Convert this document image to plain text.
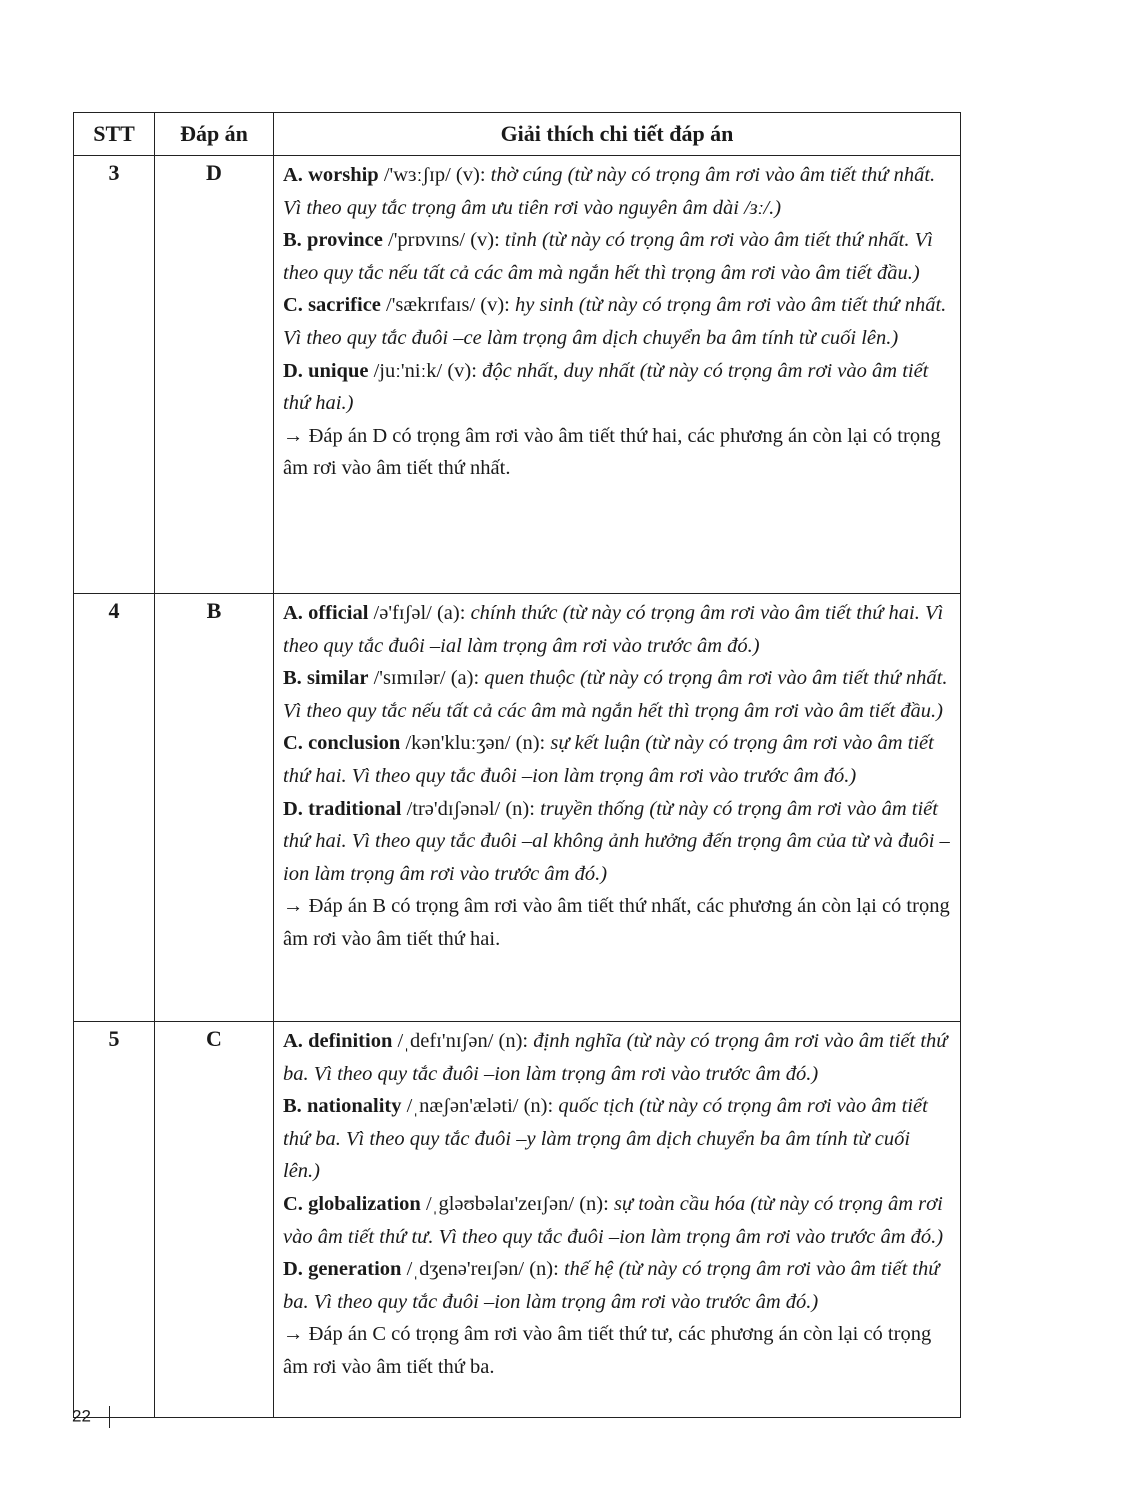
STT	Đáp án	Giải thích chi tiết đáp án
3	D	A. worship /'wɜːʃɪp/ (v): thờ cúng (từ này có trọng âm rơi vào âm tiết thứ nhất. Vì theo quy tắc trọng âm ưu tiên rơi vào nguyên âm dài /ɜː/.)
B. province /'prɒvɪns/ (v): tỉnh (từ này có trọng âm rơi vào âm tiết thứ nhất. Vì theo quy tắc nếu tất cả các âm mà ngắn hết thì trọng âm rơi vào âm tiết đầu.)
C. sacrifice /'sækrɪfaɪs/ (v): hy sinh (từ này có trọng âm rơi vào âm tiết thứ nhất. Vì theo quy tắc đuôi –ce làm trọng âm dịch chuyển ba âm tính từ cuối lên.)
D. unique /juː'niːk/ (v): độc nhất, duy nhất (từ này có trọng âm rơi vào âm tiết thứ hai.)
→ Đáp án D có trọng âm rơi vào âm tiết thứ hai, các phương án còn lại có trọng âm rơi vào âm tiết thứ nhất.

4	B	A. official /ə'fɪʃəl/ (a): chính thức (từ này có trọng âm rơi vào âm tiết thứ hai. Vì theo quy tắc đuôi –ial làm trọng âm rơi vào trước âm đó.)
B. similar /'sɪmɪlər/ (a): quen thuộc (từ này có trọng âm rơi vào âm tiết thứ nhất. Vì theo quy tắc nếu tất cả các âm mà ngắn hết thì trọng âm rơi vào âm tiết đầu.)
C. conclusion /kən'kluːʒən/ (n): sự kết luận (từ này có trọng âm rơi vào âm tiết thứ hai. Vì theo quy tắc đuôi –ion làm trọng âm rơi vào trước âm đó.)
D. traditional /trə'dɪʃənəl/ (n): truyền thống (từ này có trọng âm rơi vào âm tiết thứ hai. Vì theo quy tắc đuôi –al không ảnh hưởng đến trọng âm của từ và đuôi –ion làm trọng âm rơi vào trước âm đó.)
→ Đáp án B có trọng âm rơi vào âm tiết thứ nhất, các phương án còn lại có trọng âm rơi vào âm tiết thứ hai.

5	C	A. definition /ˌdefɪ'nɪʃən/ (n): định nghĩa (từ này có trọng âm rơi vào âm tiết thứ ba. Vì theo quy tắc đuôi –ion làm trọng âm rơi vào trước âm đó.)
B. nationality /ˌnæʃən'æləti/ (n): quốc tịch (từ này có trọng âm rơi vào âm tiết thứ ba. Vì theo quy tắc đuôi –y làm trọng âm dịch chuyển ba âm tính từ cuối lên.)
C. globalization /ˌgləʊbəlaɪ'zeɪʃən/ (n): sự toàn cầu hóa (từ này có trọng âm rơi vào âm tiết thứ tư. Vì theo quy tắc đuôi –ion làm trọng âm rơi vào trước âm đó.)
D. generation /ˌdʒenə'reɪʃən/ (n): thế hệ (từ này có trọng âm rơi vào âm tiết thứ ba. Vì theo quy tắc đuôi –ion làm trọng âm rơi vào trước âm đó.)
→ Đáp án C có trọng âm rơi vào âm tiết thứ tư, các phương án còn lại có trọng âm rơi vào âm tiết thứ ba.
22
